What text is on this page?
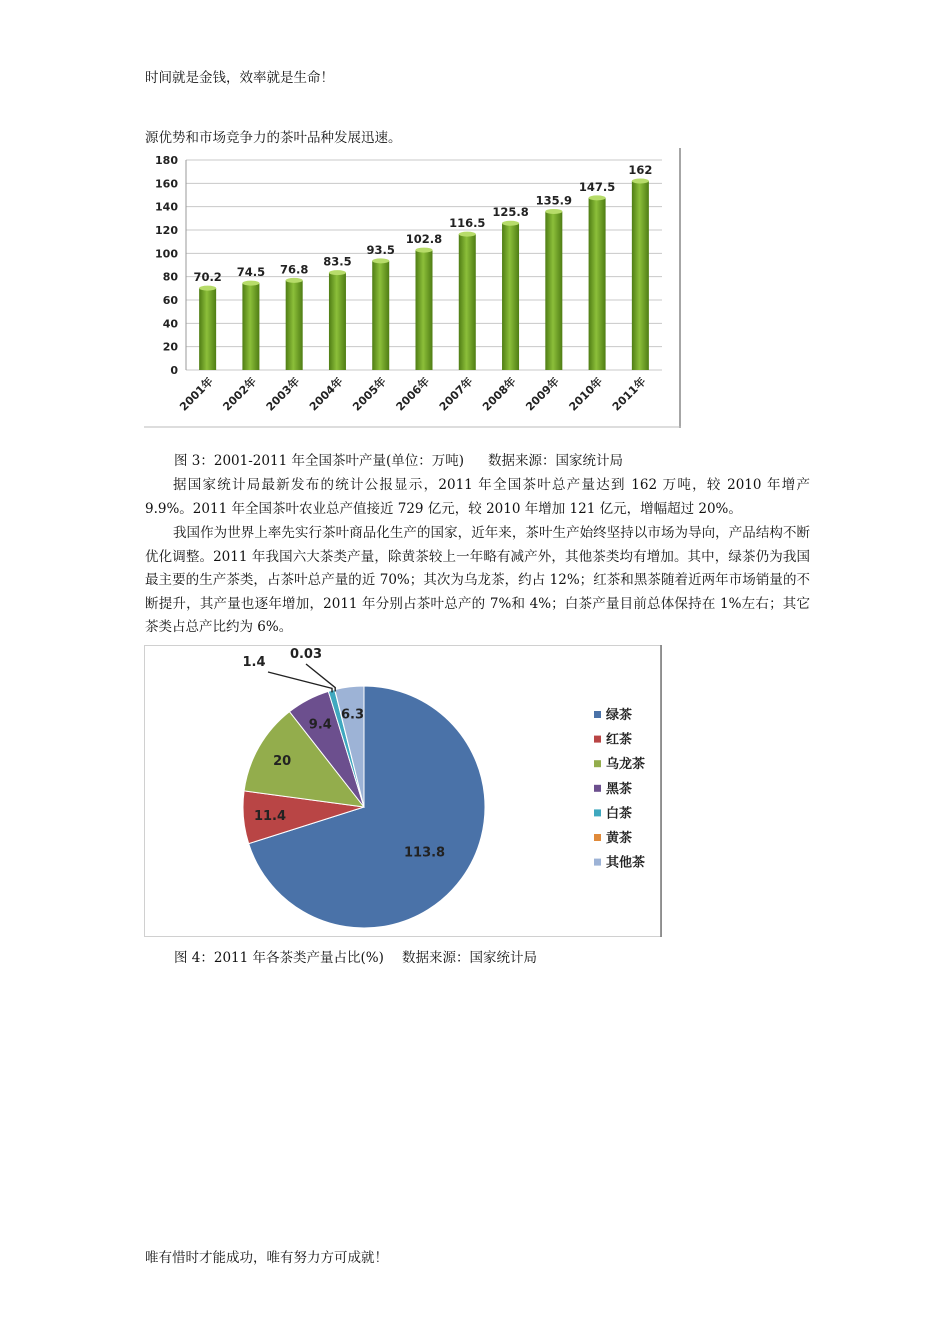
时间就是金钱，效率就是生命！
源优势和市场竞争力的茶叶品种发展迅速。
0
20
40
60
80
100
120
140
160
180
70.2 74.5 76.8
83.5
93.5
102.8
116.5
125.8
135.9
147.5
162
2001年 2002年 2003年 2004年 2005年 2006年 2007年 2008年 2009年 2010年 2011年
图 3：2001-2011 年全国茶叶产量(单位：万吨) 数据来源：国家统计局
据国家统计局最新发布的统计公报显示，2011 年全国茶叶总产量达到 162 万吨，较 2010 年增产 9.9%。2011 年全国茶叶农业总产值接近 729 亿元，较 2010 年增加 121 亿元，增幅超过 20%。
我国作为世界上率先实行茶叶商品化生产的国家，近年来，茶叶生产始终坚持以市场为导向，产品结构不断优化调整。2011 年我国六大茶类产量，除黄茶较上一年略有减产外，其他茶类均有增加。其中，绿茶仍为我国最主要的生产茶类，占茶叶总产量的近 70%；其次为乌龙茶，约占 12%；红茶和黑茶随着近两年市场销量的不断提升，其产量也逐年增加，2011 年分别占茶叶总产的 7%和 4%；白茶产量目前总体保持在 1%左右；其它茶类占总产比约为 6%。
113.8
11.4
20
9.4
1.4
0.03
6.3	绿茶
红茶
乌龙茶
黑茶
白茶
黄茶
其他茶
图 4：2011 年各茶类产量占比(%) 数据来源：国家统计局
唯有惜时才能成功，唯有努力方可成就！
